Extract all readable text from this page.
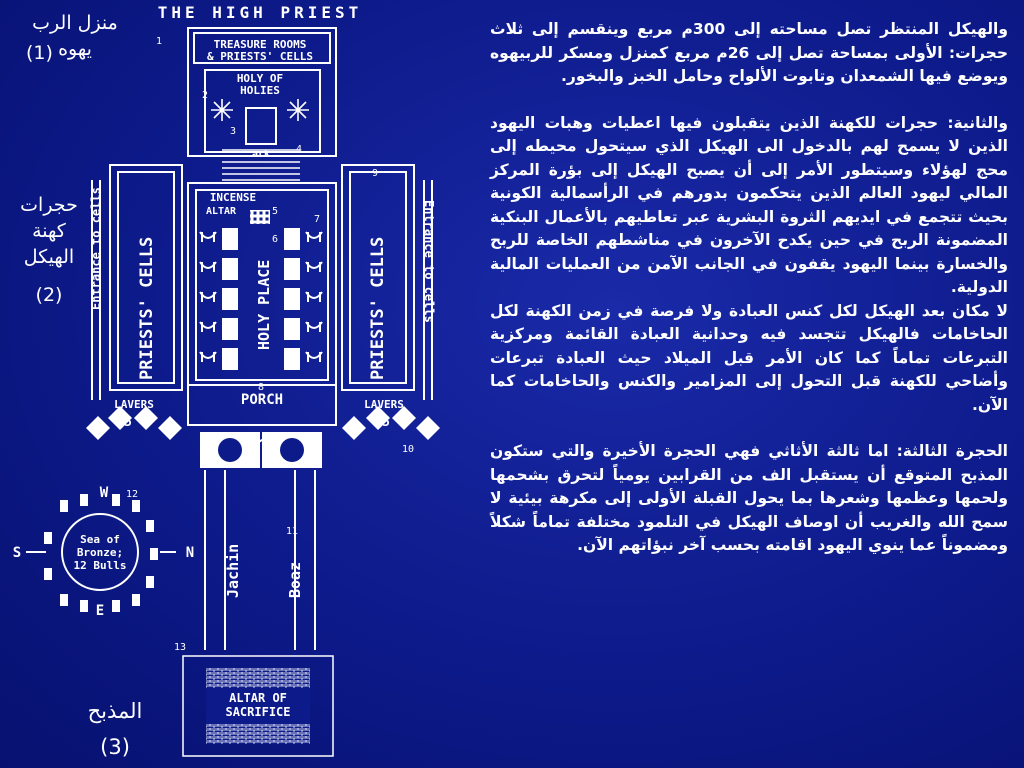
THE HIGH PRIEST
TREASURE ROOMS
& PRIESTS' CELLS
HOLY OF
HOLIES
ark
INCENSE
ALTAR
PORCH
LAVERS	LAVERS
ALTAR OF
SACRIFICE
Sea of
Bronze;
12 Bulls
W
E
S	N
5	5
PRIESTS' CELLS	PRIESTS' CELLS
HOLY PLACE
Entrance to cells	Entrance to cells
Jachin	Boaz
1
2
3
4
5
6
7
8
9
10
11
12
13
منزل الرب يهوه
(1)
حجرات كهنة الهيكل
(2)
المذبح
(3)

والهيكل المنتظر تصل مساحته إلى 300م مربع وينقسم إلى ثلاث حجرات: الأولى بمساحة تصل إلى 26م مربع كمنزل ومسكر للربيهوه ويوضع فيها الشمعدان وتابوت الألواح وحامل الخبز والبخور.

والثانية: حجرات للكهنة الذين يتقبلون فيها اعطيات وهبات اليهود الذين لا يسمح لهم بالدخول الى الهيكل الذي سيتحول محيطه إلى محج لهؤلاء وسيتطور الأمر إلى أن يصبح الهيكل إلى بؤرة المركز المالي ليهود العالم الذين يتحكمون بدورهم في الرأسمالية الكونية بحيث تتجمع في ايديهم الثروة البشرية عبر تعاطيهم بالأعمال البنكية المضمونة الربح في حين يكدح الآخرون في مناشطهم الخاصة للربح والخسارة بينما اليهود يقفون في الجانب الآمن من العمليات المالية الدولية.

لا مكان بعد الهيكل لكل كنس العبادة ولا فرصة في زمن الكهنة لكل الحاخامات فالهيكل تتجسد فيه وحدانية العبادة القائمة ومركزية التبرعات تماماً كما كان الأمر قبل الميلاد حيث العبادة تبرعات وأضاحي للكهنة قبل التحول إلى المزامير والكنس والحاخامات كما الآن.

الحجرة الثالثة: اما ثالثة الأثاثي فهي الحجرة الأخيرة والتي ستكون المذبح المتوقع أن يستقبل الف من القرابين يومياً لتحرق بشحمها ولحمها وعظمها وشعرها بما يحول القبلة الأولى إلى مكرهة بيئية لا سمح الله والغريب أن اوصاف الهيكل في التلمود مختلفة تماماً شكلاً ومضموناً عما ينوي اليهود اقامته بحسب آخر نبؤاتهم الآن.
